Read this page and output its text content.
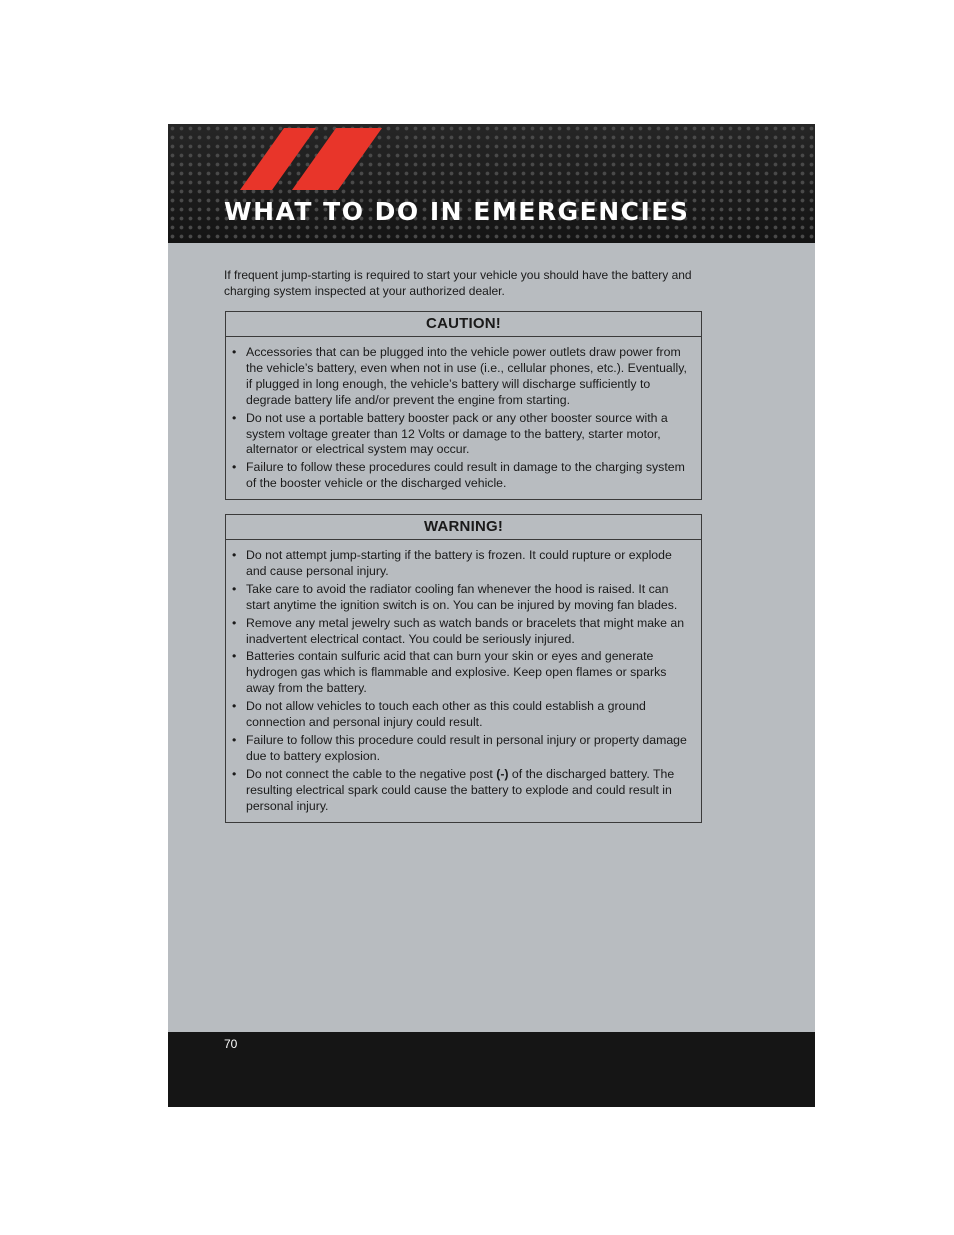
WHAT TO DO IN EMERGENCIES

If frequent jump-starting is required to start your vehicle you should have the battery and charging system inspected at your authorized dealer.

CAUTION!
• Accessories that can be plugged into the vehicle power outlets draw power from the vehicle’s battery, even when not in use (i.e., cellular phones, etc.). Eventually, if plugged in long enough, the vehicle’s battery will discharge sufficiently to degrade battery life and/or prevent the engine from starting.
• Do not use a portable battery booster pack or any other booster source with a system voltage greater than 12 Volts or damage to the battery, starter motor, alternator or electrical system may occur.
• Failure to follow these procedures could result in damage to the charging system of the booster vehicle or the discharged vehicle.
WARNING!
• Do not attempt jump-starting if the battery is frozen. It could rupture or explode and cause personal injury.
• Take care to avoid the radiator cooling fan whenever the hood is raised. It can start anytime the ignition switch is on. You can be injured by moving fan blades.
• Remove any metal jewelry such as watch bands or bracelets that might make an inadvertent electrical contact. You could be seriously injured.
• Batteries contain sulfuric acid that can burn your skin or eyes and generate hydrogen gas which is flammable and explosive. Keep open flames or sparks away from the battery.
• Do not allow vehicles to touch each other as this could establish a ground connection and personal injury could result.
• Failure to follow this procedure could result in personal injury or property damage due to battery explosion.
• Do not connect the cable to the negative post (-) of the discharged battery. The resulting electrical spark could cause the battery to explode and could result in personal injury.
70
